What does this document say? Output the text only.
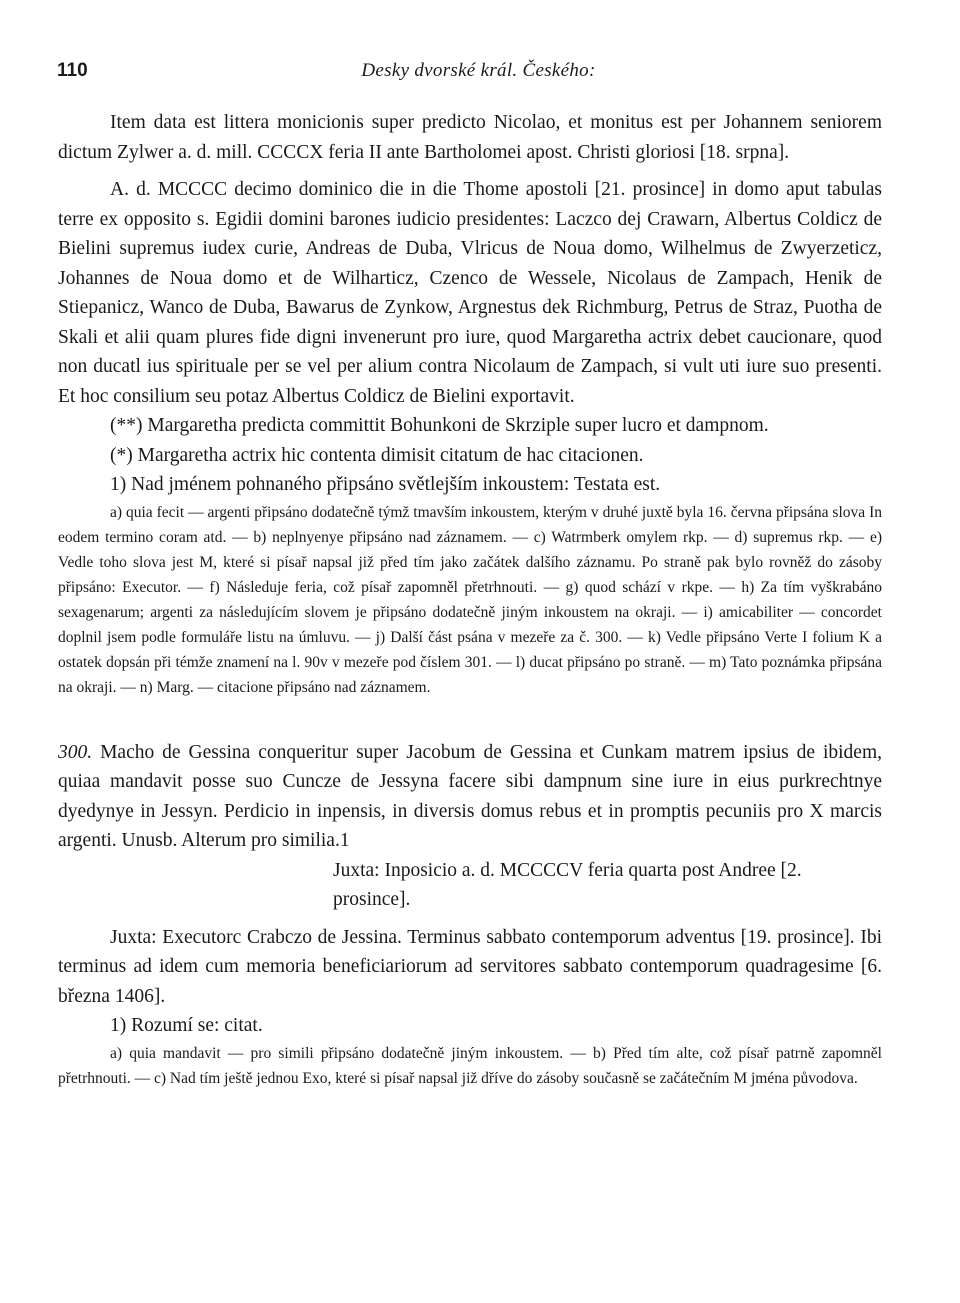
110	Desky dvorské král. Českého:

Item data est littera monicionis super predicto Nicolao, et monitus est per Johannem seniorem dictum Zylwer a. d. mill. CCCCX feria II ante Bartholomei apost. Christi gloriosi [18. srpna].

A. d. MCCCC decimo dominico die in die Thome apostoli [21. prosince] in domo aput tabulas terre ex opposito s. Egidii domini barones iudicio presidentes: Laczco dej Crawarn, Albertus Coldicz de Bielini supremus iudex curie, Andreas de Duba, Vlricus de Noua domo, Wilhelmus de Zwyerzeticz, Johannes de Noua domo et de Wilharticz, Czenco de Wessele, Nicolaus de Zampach, Henik de Stiepanicz, Wanco de Duba, Bawarus de Zynkow, Argnestus dek Richmburg, Petrus de Straz, Puotha de Skali et alii quam plures fide digni invenerunt pro iure, quod Margaretha actrix debet caucionare, quod non ducatl ius spirituale per se vel per alium contra Nicolaum de Zampach, si vult uti iure suo presenti. Et hoc consilium seu potaz Albertus Coldicz de Bielini exportavit.

(**) Margaretha predicta committit Bohunkoni de Skrziple super lucro et dampnom.

(*) Margaretha actrix hic contenta dimisit citatum de hac citacionen.

1) Nad jménem pohnaného připsáno světlejším inkoustem: Testata est.

a) quia fecit — argenti připsáno dodatečně týmž tmavším inkoustem, kterým v druhé juxtě byla 16. června připsána slova In eodem termino coram atd. — b) neplnyenye připsáno nad záznamem. — c) Watrmberk omylem rkp. — d) supremus rkp. — e) Vedle toho slova jest M, které si písař napsal již před tím jako začátek dalšího záznamu. Po straně pak bylo rovněž do zásoby připsáno: Executor. — f) Následuje feria, což písař zapomněl přetrhnouti. — g) quod schází v rkpe. — h) Za tím vyškrabáno sexagenarum; argenti za následujícím slovem je připsáno dodatečně jiným inkoustem na okraji. — i) amicabiliter — concordet doplnil jsem podle formuláře listu na úmluvu. — j) Další část psána v mezeře za č. 300. — k) Vedle připsáno Verte I folium K a ostatek dopsán při témže znamení na l. 90v v mezeře pod číslem 301. — l) ducat připsáno po straně. — m) Tato poznámka připsána na okraji. — n) Marg. — citacione připsáno nad záznamem.

300. Macho de Gessina conqueritur super Jacobum de Gessina et Cunkam matrem ipsius de ibidem, quiaa mandavit posse suo Cuncze de Jessyna facere sibi dampnum sine iure in eius purkrechtnye dyedynye in Jessyn. Perdicio in inpensis, in diversis domus rebus et in promptis pecuniis pro X marcis argenti. Unusb. Alterum pro similia.1

Juxta: Inposicio a. d. MCCCCV feria quarta post Andree [2. prosince].

Juxta: Executorc Crabczo de Jessina. Terminus sabbato contemporum adventus [19. prosince]. Ibi terminus ad idem cum memoria beneficiariorum ad servitores sabbato contemporum quadragesime [6. března 1406].

1) Rozumí se: citat.

a) quia mandavit — pro simili připsáno dodatečně jiným inkoustem. — b) Před tím alte, což písař patrně zapomněl přetrhnouti. — c) Nad tím ještě jednou Exo, které si písař napsal již dříve do zásoby současně se začátečním M jména původova.
